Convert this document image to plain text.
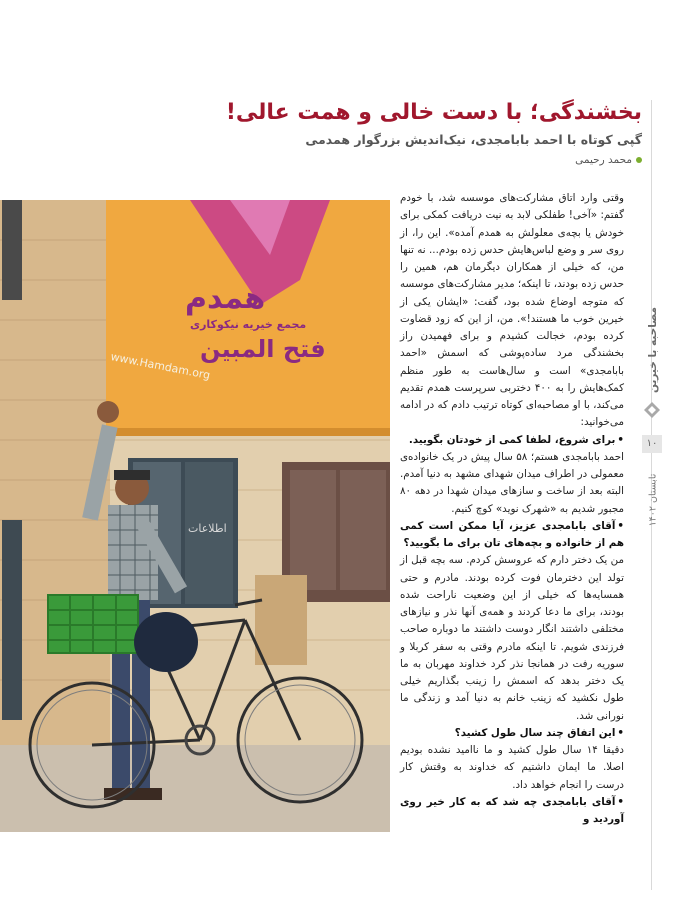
بخشندگی؛ با دست خالی و همت عالی!
گپی کوتاه با احمد بابامجدی، نیک‌اندیش بزرگوار همدمی
محمد رحیمی
مصاحبه با خیرین
۱۰
تابستان ۱۴۰۲
همدم
مجمع خیریه نیکوکاری
فتح المبین
www.Hamdam.org
اطلاعات

وقتی وارد اتاق مشارکت‌های موسسه شد، با خودم گفتم: «آخی! طفلکی لابد به نیت دریافت کمکی برای خودش یا بچه‌ی معلولش به همدم آمده». این را، از روی سر و وضع لباس‌هایش حدس زده بودم... نه تنها من، که خیلی از همکاران دیگرمان هم، همین را حدس زده بودند، تا اینکه؛ مدیر مشارکت‌های موسسه که متوجه اوضاع شده بود، گفت: «ایشان یکی از خیرین خوب ما هستند!». من، از این که زود قضاوت کرده بودم، خجالت کشیدم و برای فهمیدن راز بخشندگی مرد ساده‌پوشی که اسمش «احمد بابامجدی» است و سال‌هاست به طور منظم کمک‌هایش را به ۴۰۰ دختربی سرپرست همدم تقدیم می‌کند، با او مصاحبه‌ای کوتاه ترتیب دادم که در ادامه می‌خوانید:

• برای شروع، لطفا کمی از خودتان بگویید.

احمد بابامجدی هستم؛ ۵۸ سال پیش در یک خانواده‌ی معمولی در اطراف میدان شهدای مشهد به دنیا آمدم. البته بعد از ساخت و سازهای میدان شهدا در دهه ۸۰ مجبور شدیم به «شهرک نوید» کوچ کنیم.

• آقای بابامجدی عزیز، آیا ممکن است کمی هم از خانواده و بچه‌های تان برای ما بگویید؟

من یک دختر دارم که عروسش کردم. سه بچه قبل از تولد این دخترمان فوت کرده بودند. مادرم و حتی همسایه‌ها که خیلی از این وضعیت ناراحت شده بودند، برای ما دعا کردند و همه‌ی آنها نذر و نیازهای مختلفی داشتند انگار دوست داشتند ما دوباره صاحب فرزندی شویم. تا اینکه مادرم وقتی به سفر کربلا و سوریه رفت در همانجا نذر کرد خداوند مهربان به ما یک دختر بدهد که اسمش را زینب بگذاریم خیلی طول نکشید که زینب خانم به دنیا آمد و زندگی ما نورانی شد.

• این اتفاق چند سال طول کشید؟

دقیقا ۱۴ سال طول کشید و ما ناامید نشده بودیم اصلا. ما ایمان داشتیم که خداوند به وقتش کار درست را انجام خواهد داد.

• آقای بابامجدی چه شد که به کار خیر روی آوردید و
